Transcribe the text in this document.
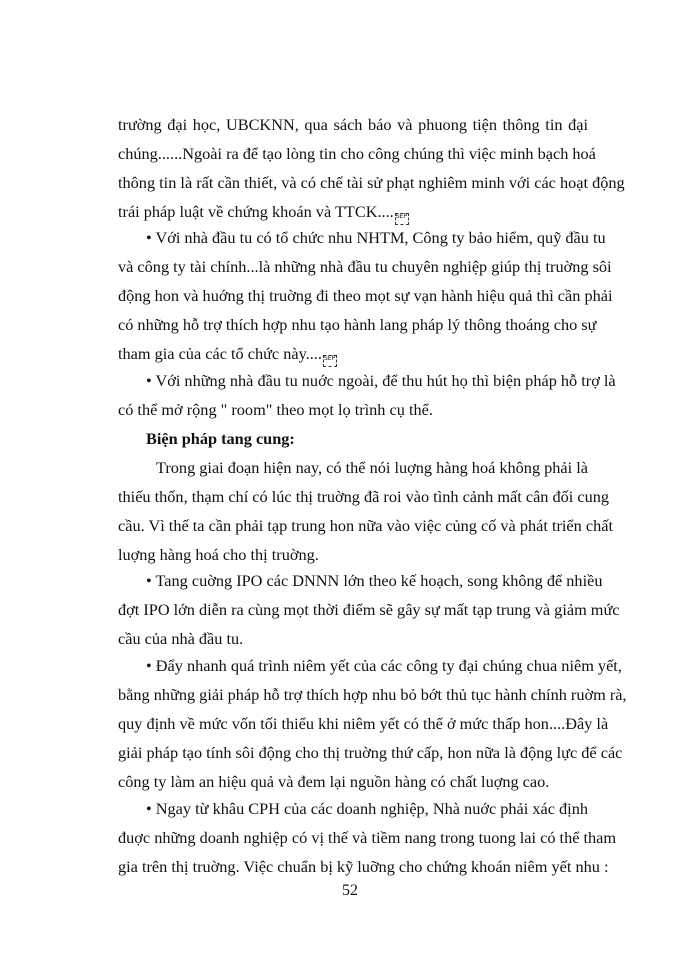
trường đại học, UBCKNN, qua sách báo và phuong tiện thông tin đại
chúng......Ngoài ra để tạo lòng tin cho công chúng thì việc minh bạch hoá
thông tin là rất cần thiết, và có chế tài sử phạt nghiêm minh với các hoạt động
trái pháp luật về chứng khoán và TTCK.... SEP
• Với nhà đầu tu có tổ chức nhu NHTM, Công ty bảo hiểm, quỹ đầu tu
và công ty tài chính...là những nhà đầu tu chuyên nghiệp giúp thị truờng sôi
động hon và huớng thị truờng đi theo mọt sự vạn hành hiệu quả thì cần phải
có những hỗ trợ thích hợp nhu tạo hành lang pháp lý thông thoáng cho sự
tham gia của các tổ chức này.... SEP
• Với những nhà đầu tu nuớc ngoài, để thu hút họ thì biện pháp hỗ trợ là
có thể mở rộng " room" theo mọt lọ trình cụ thể.
Biện pháp tang cung:
Trong giai đoạn hiện nay, có thể nói luợng hàng hoá không phải là
thiếu thốn, thạm chí có lúc thị truờng đã roi vào tình cảnh mất cân đối cung
cầu. Vì thế ta cần phải tạp trung hon nữa vào việc củng cố và phát triển chất
luợng hàng hoá cho thị truờng.
• Tang cuờng IPO các DNNN lớn theo kế hoạch, song không để nhiều
đợt IPO lớn diễn ra cùng mọt thời điểm sẽ gây sự mất tạp trung và giảm mức
cầu của nhà đầu tu.
• Đẩy nhanh quá trình niêm yết của các công ty đại chúng chua niêm yết,
bằng những giải pháp hỗ trợ thích hợp nhu bỏ bớt thủ tục hành chính ruờm rà,
quy định về mức vốn tối thiểu khi niêm yết có thể ở mức thấp hon....Đây là
giải pháp tạo tính sôi động cho thị truờng thứ cấp, hon nữa là động lực để các
công ty làm an hiệu quả và đem lại nguồn hàng có chất luợng cao.
• Ngay từ khâu CPH của các doanh nghiệp, Nhà nuớc phải xác định
đuợc những doanh nghiệp có vị thế và tiềm nang trong tuong lai có thể tham
gia trên thị truờng. Việc chuẩn bị kỹ luỡng cho chứng khoán niêm yết nhu :
52
